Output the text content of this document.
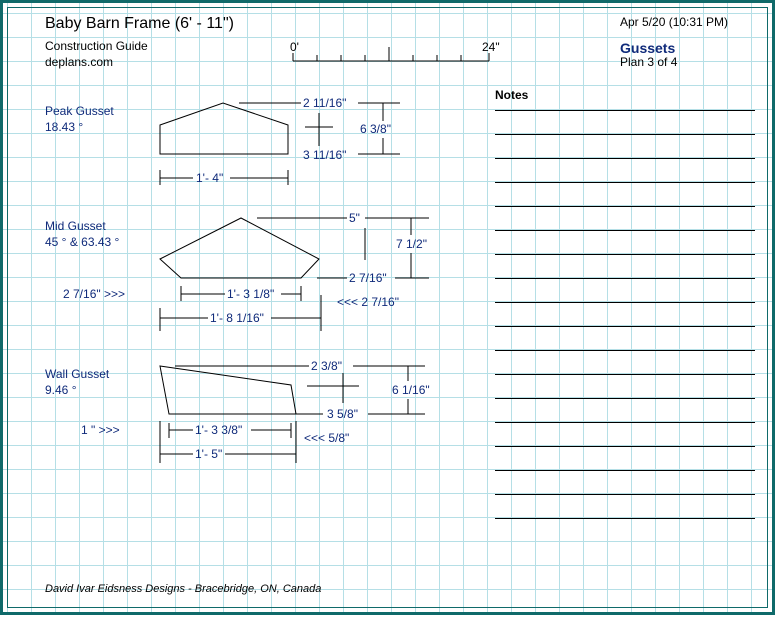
Baby Barn Frame (6' - 11")
Construction Guide
deplans.com
Apr 5/20 (10:31 PM)
Gussets
Plan 3 of 4
0'	24"
Notes
Peak Gusset
18.43 °
2 11/16"
6 3/8"
3 11/16"
1'- 4"
Mid Gusset
45 ° & 63.43 °
5"
7 1/2"
2 7/16"
2 7/16" >>>	1'- 3 1/8"
<<< 2 7/16"
1'- 8 1/16"
Wall Gusset
9.46 °
2 3/8"
6 1/16"
3 5/8"
1 " >>>	1'- 3 3/8"
<<< 5/8"
1'- 5"
David Ivar Eidsness Designs - Bracebridge, ON, Canada
